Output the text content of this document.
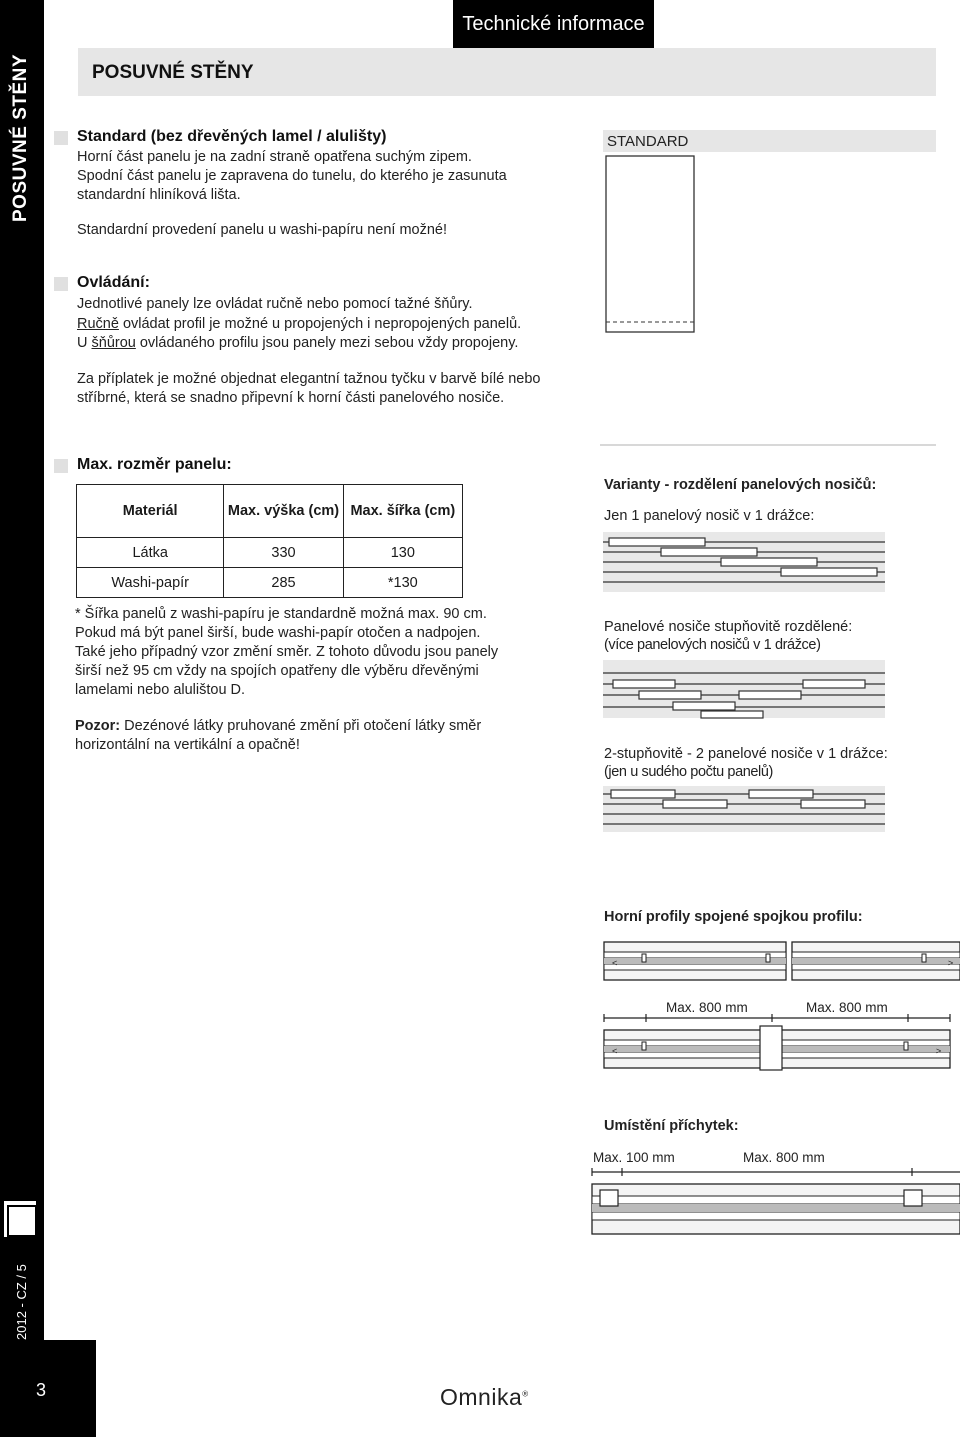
POSUVNÉ STĚNY
2012 - CZ / 5
3
Technické informace
POSUVNÉ STĚNY
Standard (bez dřevěných lamel / alulišty)
Horní část panelu je na zadní straně opatřena suchým zipem.
Spodní část panelu je zapravena do tunelu, do kterého je zasunuta
standardní hliníková lišta.
Standardní provedení panelu u washi-papíru není možné!
Ovládání:
Jednotlivé panely lze ovládat ručně nebo pomocí tažné šňůry.
Ručně ovládat profil je možné u propojených i nepropojených panelů.
U šňůrou ovládaného profilu jsou panely mezi sebou vždy propojeny.
Za příplatek je možné objednat elegantní tažnou tyčku v barvě bílé nebo
stříbrné, která se snadno připevní k horní části panelového nosiče.
Max. rozměr panelu:
Materiál	Max. výška (cm)	Max. šířka (cm)
Látka	330	130
Washi-papír	285	*130
* Šířka panelů z washi-papíru je standardně možná max. 90 cm.
Pokud má být panel širší, bude washi-papír otočen a nadpojen.
Také jeho případný vzor změní směr. Z tohoto důvodu jsou panely
širší než 95 cm vždy na spojích opatřeny dle výběru dřevěnými
lamelami nebo alulištou D.
Pozor: Dezénové látky pruhované změní při otočení látky směr
horizontální na vertikální a opačně!
STANDARD
Varianty - rozdělení panelových nosičů:
Jen 1 panelový nosič v 1 drážce:
Panelové nosiče stupňovitě rozdělené:
(více panelových nosičů v 1 drážce)
2-stupňovitě - 2 panelové nosiče v 1 drážce:
(jen u sudého počtu panelů)
Horní profily spojené spojkou profilu:
<	>
Max. 800 mm	Max. 800 mm
<	>
Umístění příchytek:
Max. 100 mm	Max. 800 mm
Omnika®
